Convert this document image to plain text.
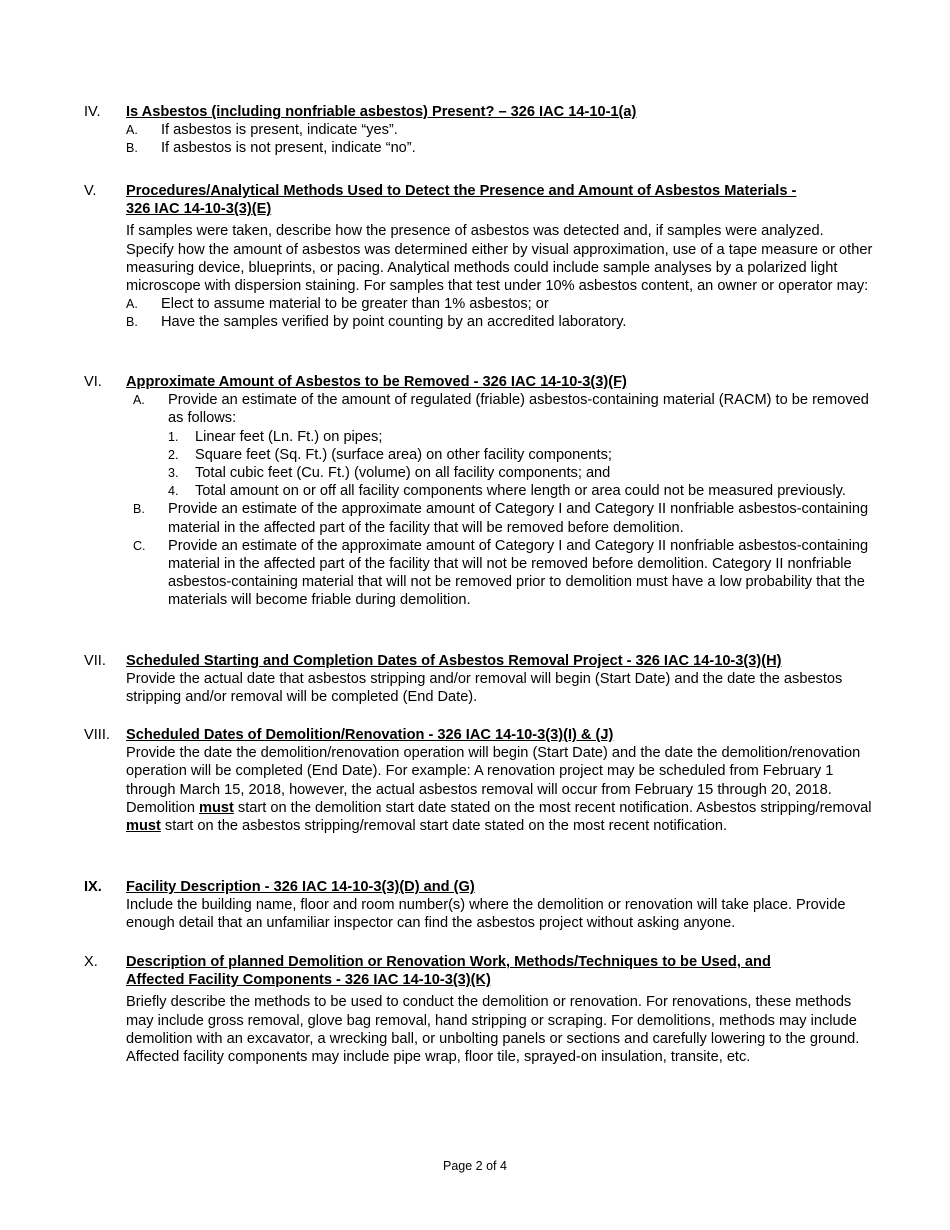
IV.	Is Asbestos (including nonfriable asbestos) Present? – 326 IAC 14-10-1(a)
A. If asbestos is present, indicate “yes”.
B. If asbestos is not present, indicate “no”.
V.	Procedures/Analytical Methods Used to Detect the Presence and Amount of Asbestos Materials -
326 IAC 14-10-3(3)(E)
If samples were taken, describe how the presence of asbestos was detected and, if samples were analyzed. Specify how the amount of asbestos was determined either by visual approximation, use of a tape measure or other measuring device, blueprints, or pacing. Analytical methods could include sample analyses by a polarized light microscope with dispersion staining. For samples that test under 10% asbestos content, an owner or operator may:
A. Elect to assume material to be greater than 1% asbestos; or
B. Have the samples verified by point counting by an accredited laboratory.
VI.	Approximate Amount of Asbestos to be Removed - 326 IAC 14-10-3(3)(F)
A. Provide an estimate of the amount of regulated (friable) asbestos-containing material (RACM) to be removed as follows:
1. Linear feet (Ln. Ft.) on pipes;
2. Square feet (Sq. Ft.) (surface area) on other facility components;
3. Total cubic feet (Cu. Ft.) (volume) on all facility components; and
4. Total amount on or off all facility components where length or area could not be measured previously.
B. Provide an estimate of the approximate amount of Category I and Category II nonfriable asbestos-containing material in the affected part of the facility that will be removed before demolition.
C. Provide an estimate of the approximate amount of Category I and Category II nonfriable asbestos-containing material in the affected part of the facility that will not be removed before demolition. Category II nonfriable asbestos-containing material that will not be removed prior to demolition must have a low probability that the materials will become friable during demolition.
VII.	Scheduled Starting and Completion Dates of Asbestos Removal Project - 326 IAC 14-10-3(3)(H)
Provide the actual date that asbestos stripping and/or removal will begin (Start Date) and the date the asbestos stripping and/or removal will be completed (End Date).
VIII.	Scheduled Dates of Demolition/Renovation - 326 IAC 14-10-3(3)(I) & (J)
Provide the date the demolition/renovation operation will begin (Start Date) and the date the demolition/renovation operation will be completed (End Date). For example: A renovation project may be scheduled from February 1 through March 15, 2018, however, the actual asbestos removal will occur from February 15 through 20, 2018. Demolition must start on the demolition start date stated on the most recent notification. Asbestos stripping/removal must start on the asbestos stripping/removal start date stated on the most recent notification.
IX.	Facility Description - 326 IAC 14-10-3(3)(D) and (G)
Include the building name, floor and room number(s) where the demolition or renovation will take place. Provide enough detail that an unfamiliar inspector can find the asbestos project without asking anyone.
X.	Description of planned Demolition or Renovation Work, Methods/Techniques to be Used, and
Affected Facility Components - 326 IAC 14-10-3(3)(K)
Briefly describe the methods to be used to conduct the demolition or renovation. For renovations, these methods may include gross removal, glove bag removal, hand stripping or scraping. For demolitions, methods may include demolition with an excavator, a wrecking ball, or unbolting panels or sections and carefully lowering to the ground. Affected facility components may include pipe wrap, floor tile, sprayed-on insulation, transite, etc.
Page 2 of 4
